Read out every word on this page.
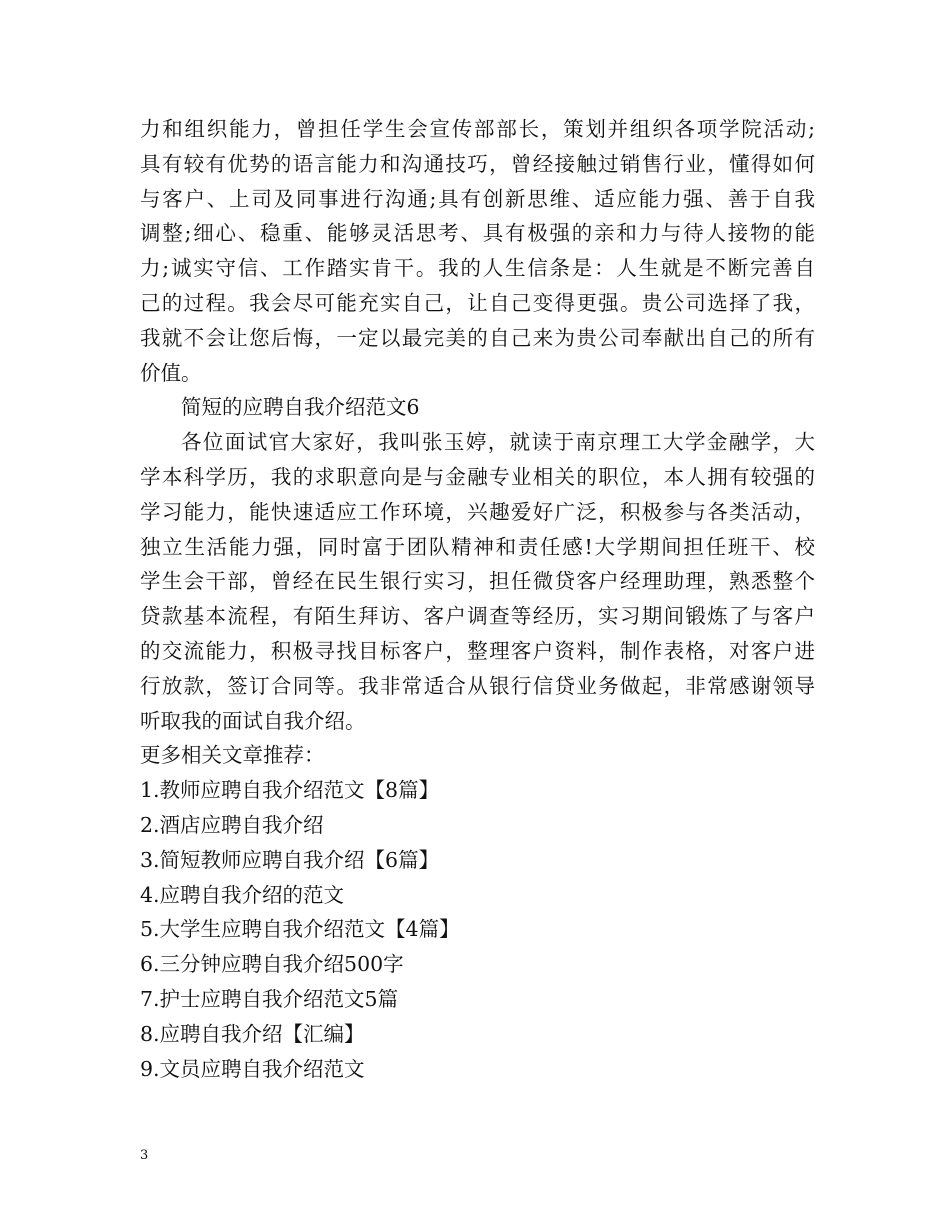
力和组织能力，曾担任学生会宣传部部长，策划并组织各项学院活动;
具有较有优势的语言能力和沟通技巧，曾经接触过销售行业，懂得如何
与客户、上司及同事进行沟通;具有创新思维、适应能力强、善于自我
调整;细心、稳重、能够灵活思考、具有极强的亲和力与待人接物的能
力;诚实守信、工作踏实肯干。我的人生信条是：人生就是不断完善自
己的过程。我会尽可能充实自己，让自己变得更强。贵公司选择了我，
我就不会让您后悔，一定以最完美的自己来为贵公司奉献出自己的所有
价值。
简短的应聘自我介绍范文6
各位面试官大家好，我叫张玉婷，就读于南京理工大学金融学，大
学本科学历，我的求职意向是与金融专业相关的职位，本人拥有较强的
学习能力，能快速适应工作环境，兴趣爱好广泛，积极参与各类活动，
独立生活能力强，同时富于团队精神和责任感!大学期间担任班干、校
学生会干部，曾经在民生银行实习，担任微贷客户经理助理，熟悉整个
贷款基本流程，有陌生拜访、客户调查等经历，实习期间锻炼了与客户
的交流能力，积极寻找目标客户，整理客户资料，制作表格，对客户进
行放款，签订合同等。我非常适合从银行信贷业务做起，非常感谢领导
听取我的面试自我介绍。
更多相关文章推荐：
1.教师应聘自我介绍范文【8篇】
2.酒店应聘自我介绍
3.简短教师应聘自我介绍【6篇】
4.应聘自我介绍的范文
5.大学生应聘自我介绍范文【4篇】
6.三分钟应聘自我介绍500字
7.护士应聘自我介绍范文5篇
8.应聘自我介绍【汇编】
9.文员应聘自我介绍范文
3
